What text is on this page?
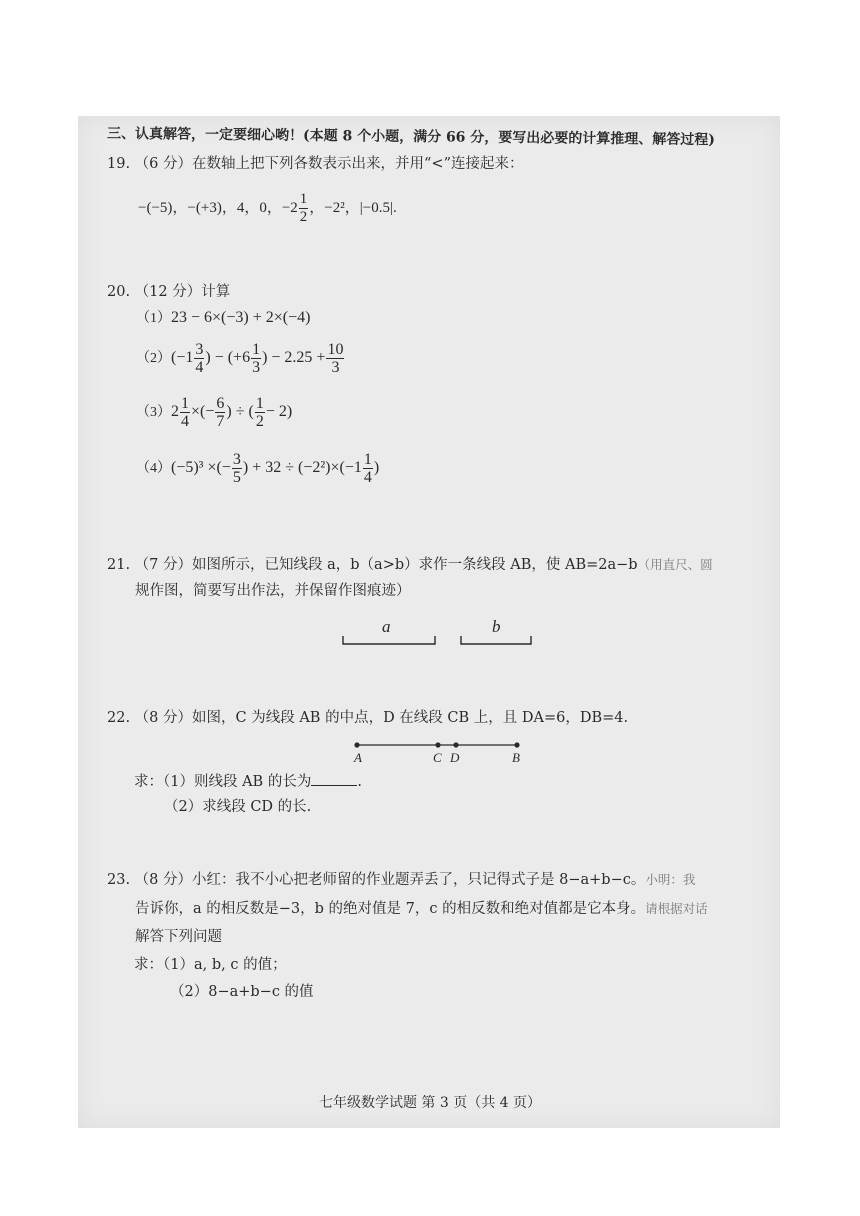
三、认真解答，一定要细心哟！(本题 8 个小题，满分 66 分，要写出必要的计算推理、解答过程)
19. （6 分）在数轴上把下列各数表示出来，并用“<”连接起来：
−(−5)，−(+3)，4，0， $-2 \frac{1}{2}$ ，−2²，|−0.5|.
20. （12 分）计算
（1）23 − 6×(−3) + 2×(−4)
$(2)(-1 \frac{3}{4}$ ) − ($+6 \frac{1}{3}$ ) − $2.25 + \frac{10}{3}$
$(3)2 \frac{1}{4}$ ×(− $\frac{6}{7}$ ) ÷ ( $\frac{1}{2} - 2$)
（4）(−5)³ ×(− $\frac{3}{5}$ ) + $32 \div (-2^2)\times(-1 \frac{1}{4}$ )
21. （7 分）如图所示，已知线段 a，b（a>b）求作一条线段 AB，使 AB=2a−b（用直尺、圆
规作图，简要写出作法，并保留作图痕迹）
a	b
22. （8 分）如图，C 为线段 AB 的中点，D 在线段 CB 上，且 DA=6，DB=4.
A	C D	B
求：（1）则线段 AB 的长为	.
（2）求线段 CD 的长.
23. （8 分）小红：我不小心把老师留的作业题弄丢了，只记得式子是 8−a+b−c。小明：我
告诉你，a 的相反数是−3，b 的绝对值是 7，c 的相反数和绝对值都是它本身。请根据对话
解答下列问题
求：（1）a, b, c 的值；
（2）8−a+b−c 的值
七年级数学试题 第 3 页（共 4 页）
